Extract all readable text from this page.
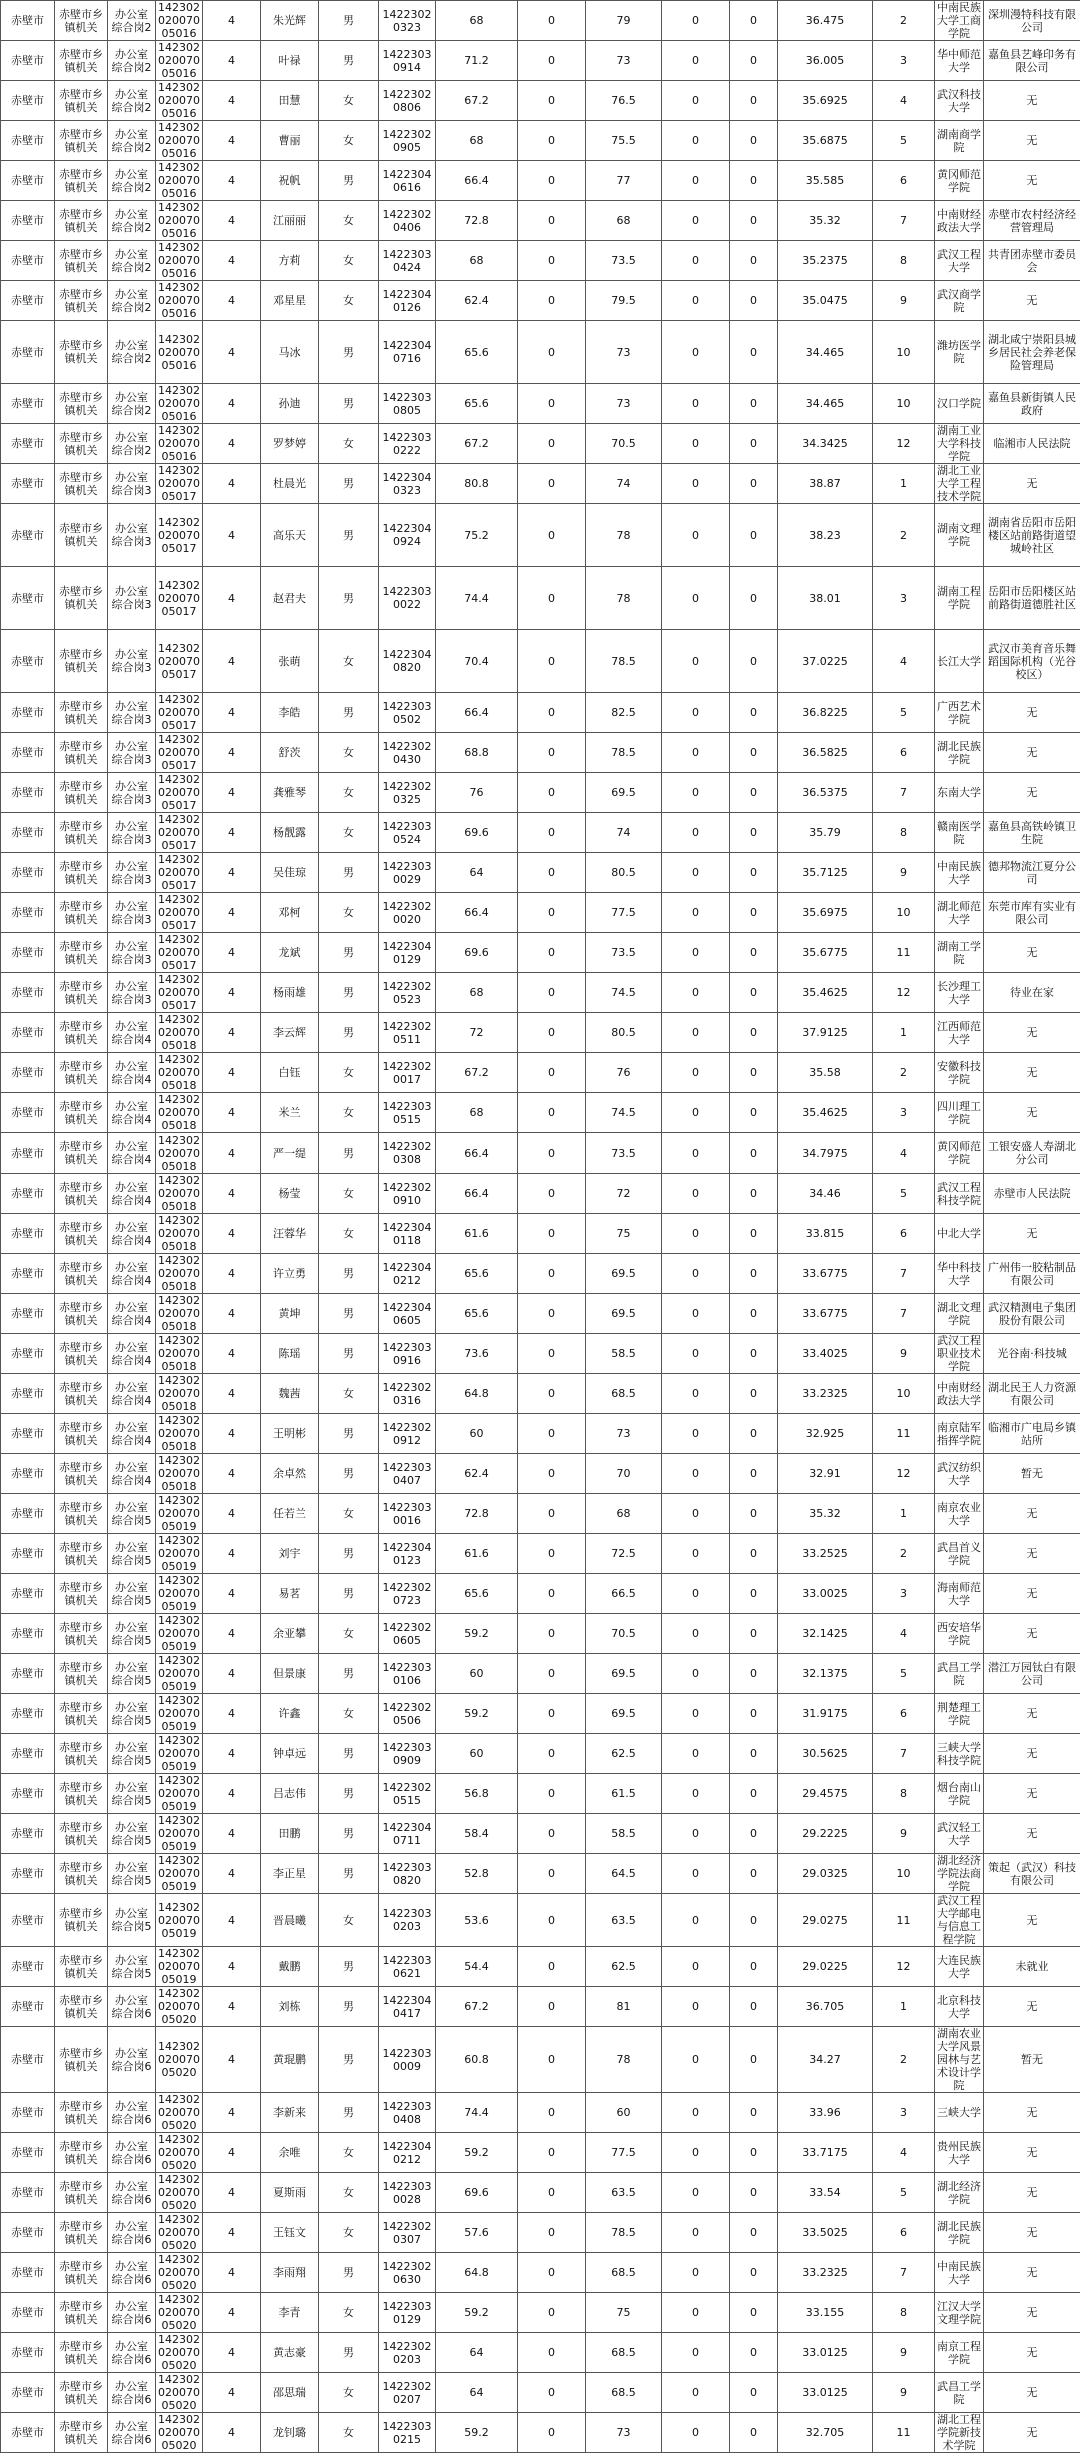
赤壁市	赤壁市乡镇机关	办公室综合岗2	14230202007005016	4	朱光辉	男	14223020323	68	0	79	0	0	36.475	2	中南民族大学工商学院	深圳漫特科技有限公司
赤壁市	赤壁市乡镇机关	办公室综合岗2	14230202007005016	4	叶禄	男	14223030914	71.2	0	73	0	0	36.005	3	华中师范大学	嘉鱼县艺峰印务有限公司
赤壁市	赤壁市乡镇机关	办公室综合岗2	14230202007005016	4	田慧	女	14223020806	67.2	0	76.5	0	0	35.6925	4	武汉科技大学	无
赤壁市	赤壁市乡镇机关	办公室综合岗2	14230202007005016	4	曹丽	女	14223020905	68	0	75.5	0	0	35.6875	5	湖南商学院	无
赤壁市	赤壁市乡镇机关	办公室综合岗2	14230202007005016	4	祝帆	男	14223040616	66.4	0	77	0	0	35.585	6	黄冈师范学院	无
赤壁市	赤壁市乡镇机关	办公室综合岗2	14230202007005016	4	江丽丽	女	14223020406	72.8	0	68	0	0	35.32	7	中南财经政法大学	赤壁市农村经济经营管理局
赤壁市	赤壁市乡镇机关	办公室综合岗2	14230202007005016	4	方莉	女	14223030424	68	0	73.5	0	0	35.2375	8	武汉工程大学	共青团赤壁市委员会
赤壁市	赤壁市乡镇机关	办公室综合岗2	14230202007005016	4	邓星星	女	14223040126	62.4	0	79.5	0	0	35.0475	9	武汉商学院	无
赤壁市	赤壁市乡镇机关	办公室综合岗2	14230202007005016	4	马冰	男	14223040716	65.6	0	73	0	0	34.465	10	潍坊医学院	湖北咸宁崇阳县城乡居民社会养老保险管理局
赤壁市	赤壁市乡镇机关	办公室综合岗2	14230202007005016	4	孙迪	男	14223030805	65.6	0	73	0	0	34.465	10	汉口学院	嘉鱼县新街镇人民政府
赤壁市	赤壁市乡镇机关	办公室综合岗2	14230202007005016	4	罗梦婷	女	14223030222	67.2	0	70.5	0	0	34.3425	12	湖南工业大学科技学院	临湘市人民法院
赤壁市	赤壁市乡镇机关	办公室综合岗3	14230202007005017	4	杜晨光	男	14223040323	80.8	0	74	0	0	38.87	1	湖北工业大学工程技术学院	无
赤壁市	赤壁市乡镇机关	办公室综合岗3	14230202007005017	4	高乐天	男	14223040924	75.2	0	78	0	0	38.23	2	湖南文理学院	湖南省岳阳市岳阳楼区站前路街道望城岭社区
赤壁市	赤壁市乡镇机关	办公室综合岗3	14230202007005017	4	赵君夫	男	14223030022	74.4	0	78	0	0	38.01	3	湖南工程学院	岳阳市岳阳楼区站前路街道德胜社区
赤壁市	赤壁市乡镇机关	办公室综合岗3	14230202007005017	4	张萌	女	14223040820	70.4	0	78.5	0	0	37.0225	4	长江大学	武汉市美育音乐舞蹈国际机构（光谷校区）
赤壁市	赤壁市乡镇机关	办公室综合岗3	14230202007005017	4	李皓	男	14223030502	66.4	0	82.5	0	0	36.8225	5	广西艺术学院	无
赤壁市	赤壁市乡镇机关	办公室综合岗3	14230202007005017	4	舒茨	女	14223020430	68.8	0	78.5	0	0	36.5825	6	湖北民族学院	无
赤壁市	赤壁市乡镇机关	办公室综合岗3	14230202007005017	4	龚雅琴	女	14223020325	76	0	69.5	0	0	36.5375	7	东南大学	无
赤壁市	赤壁市乡镇机关	办公室综合岗3	14230202007005017	4	杨靓露	女	14223030524	69.6	0	74	0	0	35.79	8	赣南医学院	嘉鱼县高铁岭镇卫生院
赤壁市	赤壁市乡镇机关	办公室综合岗3	14230202007005017	4	吴佳琼	男	14223030029	64	0	80.5	0	0	35.7125	9	中南民族大学	德邦物流江夏分公司
赤壁市	赤壁市乡镇机关	办公室综合岗3	14230202007005017	4	邓柯	女	14223020020	66.4	0	77.5	0	0	35.6975	10	湖北师范大学	东莞市库有实业有限公司
赤壁市	赤壁市乡镇机关	办公室综合岗3	14230202007005017	4	龙斌	男	14223040129	69.6	0	73.5	0	0	35.6775	11	湖南工学院	无
赤壁市	赤壁市乡镇机关	办公室综合岗3	14230202007005017	4	杨雨雄	男	14223020523	68	0	74.5	0	0	35.4625	12	长沙理工大学	待业在家
赤壁市	赤壁市乡镇机关	办公室综合岗4	14230202007005018	4	李云辉	男	14223020511	72	0	80.5	0	0	37.9125	1	江西师范大学	无
赤壁市	赤壁市乡镇机关	办公室综合岗4	14230202007005018	4	白钰	女	14223020017	67.2	0	76	0	0	35.58	2	安徽科技学院	无
赤壁市	赤壁市乡镇机关	办公室综合岗4	14230202007005018	4	米兰	女	14223030515	68	0	74.5	0	0	35.4625	3	四川理工学院	无
赤壁市	赤壁市乡镇机关	办公室综合岗4	14230202007005018	4	严一缇	男	14223020308	66.4	0	73.5	0	0	34.7975	4	黄冈师范学院	工银安盛人寿湖北分公司
赤壁市	赤壁市乡镇机关	办公室综合岗4	14230202007005018	4	杨莹	女	14223020910	66.4	0	72	0	0	34.46	5	武汉工程科技学院	赤壁市人民法院
赤壁市	赤壁市乡镇机关	办公室综合岗4	14230202007005018	4	汪蓉华	女	14223040118	61.6	0	75	0	0	33.815	6	中北大学	无
赤壁市	赤壁市乡镇机关	办公室综合岗4	14230202007005018	4	许立勇	男	14223040212	65.6	0	69.5	0	0	33.6775	7	华中科技大学	广州伟一胶粘制品有限公司
赤壁市	赤壁市乡镇机关	办公室综合岗4	14230202007005018	4	黄坤	男	14223040605	65.6	0	69.5	0	0	33.6775	7	湖北文理学院	武汉精测电子集团股份有限公司
赤壁市	赤壁市乡镇机关	办公室综合岗4	14230202007005018	4	陈瑶	男	14223030916	73.6	0	58.5	0	0	33.4025	9	武汉工程职业技术学院	光谷南·科技城
赤壁市	赤壁市乡镇机关	办公室综合岗4	14230202007005018	4	魏茜	女	14223020316	64.8	0	68.5	0	0	33.2325	10	中南财经政法大学	湖北民王人力资源有限公司
赤壁市	赤壁市乡镇机关	办公室综合岗4	14230202007005018	4	王明彬	男	14223020912	60	0	73	0	0	32.925	11	南京陆军指挥学院	临湘市广电局乡镇站所
赤壁市	赤壁市乡镇机关	办公室综合岗4	14230202007005018	4	余卓然	男	14223030407	62.4	0	70	0	0	32.91	12	武汉纺织大学	暂无
赤壁市	赤壁市乡镇机关	办公室综合岗5	14230202007005019	4	任若兰	女	14223030016	72.8	0	68	0	0	35.32	1	南京农业大学	无
赤壁市	赤壁市乡镇机关	办公室综合岗5	14230202007005019	4	刘宇	男	14223040123	61.6	0	72.5	0	0	33.2525	2	武昌首义学院	无
赤壁市	赤壁市乡镇机关	办公室综合岗5	14230202007005019	4	易茗	男	14223020723	65.6	0	66.5	0	0	33.0025	3	海南师范大学	无
赤壁市	赤壁市乡镇机关	办公室综合岗5	14230202007005019	4	余亚攀	女	14223020605	59.2	0	70.5	0	0	32.1425	4	西安培华学院	无
赤壁市	赤壁市乡镇机关	办公室综合岗5	14230202007005019	4	但景康	男	14223030106	60	0	69.5	0	0	32.1375	5	武昌工学院	潜江万园钛白有限公司
赤壁市	赤壁市乡镇机关	办公室综合岗5	14230202007005019	4	许鑫	女	14223020506	59.2	0	69.5	0	0	31.9175	6	荆楚理工学院	无
赤壁市	赤壁市乡镇机关	办公室综合岗5	14230202007005019	4	钟卓远	男	14223030909	60	0	62.5	0	0	30.5625	7	三峡大学科技学院	无
赤壁市	赤壁市乡镇机关	办公室综合岗5	14230202007005019	4	吕志伟	男	14223020515	56.8	0	61.5	0	0	29.4575	8	烟台南山学院	无
赤壁市	赤壁市乡镇机关	办公室综合岗5	14230202007005019	4	田鹏	男	14223040711	58.4	0	58.5	0	0	29.2225	9	武汉轻工大学	无
赤壁市	赤壁市乡镇机关	办公室综合岗5	14230202007005019	4	李正星	男	14223030820	52.8	0	64.5	0	0	29.0325	10	湖北经济学院法商学院	策起（武汉）科技有限公司
赤壁市	赤壁市乡镇机关	办公室综合岗5	14230202007005019	4	晋晨曦	女	14223030203	53.6	0	63.5	0	0	29.0275	11	武汉工程大学邮电与信息工程学院	无
赤壁市	赤壁市乡镇机关	办公室综合岗5	14230202007005019	4	戴鹏	男	14223030621	54.4	0	62.5	0	0	29.0225	12	大连民族大学	未就业
赤壁市	赤壁市乡镇机关	办公室综合岗6	14230202007005020	4	刘栋	男	14223040417	67.2	0	81	0	0	36.705	1	北京科技大学	无
赤壁市	赤壁市乡镇机关	办公室综合岗6	14230202007005020	4	黄琨鹏	男	14223030009	60.8	0	78	0	0	34.27	2	湖南农业大学风景园林与艺术设计学院	暂无
赤壁市	赤壁市乡镇机关	办公室综合岗6	14230202007005020	4	李新来	男	14223030408	74.4	0	60	0	0	33.96	3	三峡大学	无
赤壁市	赤壁市乡镇机关	办公室综合岗6	14230202007005020	4	余唯	女	14223040212	59.2	0	77.5	0	0	33.7175	4	贵州民族大学	无
赤壁市	赤壁市乡镇机关	办公室综合岗6	14230202007005020	4	夏斯雨	女	14223030028	69.6	0	63.5	0	0	33.54	5	湖北经济学院	无
赤壁市	赤壁市乡镇机关	办公室综合岗6	14230202007005020	4	王钰文	女	14223020307	57.6	0	78.5	0	0	33.5025	6	湖北民族学院	无
赤壁市	赤壁市乡镇机关	办公室综合岗6	14230202007005020	4	李雨翔	男	14223020630	64.8	0	68.5	0	0	33.2325	7	中南民族大学	无
赤壁市	赤壁市乡镇机关	办公室综合岗6	14230202007005020	4	李青	女	14223030129	59.2	0	75	0	0	33.155	8	江汉大学文理学院	无
赤壁市	赤壁市乡镇机关	办公室综合岗6	14230202007005020	4	黄志豪	男	14223020203	64	0	68.5	0	0	33.0125	9	南京工程学院	无
赤壁市	赤壁市乡镇机关	办公室综合岗6	14230202007005020	4	邵思瑞	女	14223020207	64	0	68.5	0	0	33.0125	9	武昌工学院	无
赤壁市	赤壁市乡镇机关	办公室综合岗6	14230202007005020	4	龙钊璐	女	14223030215	59.2	0	73	0	0	32.705	11	湖北工程学院新技术学院	无
